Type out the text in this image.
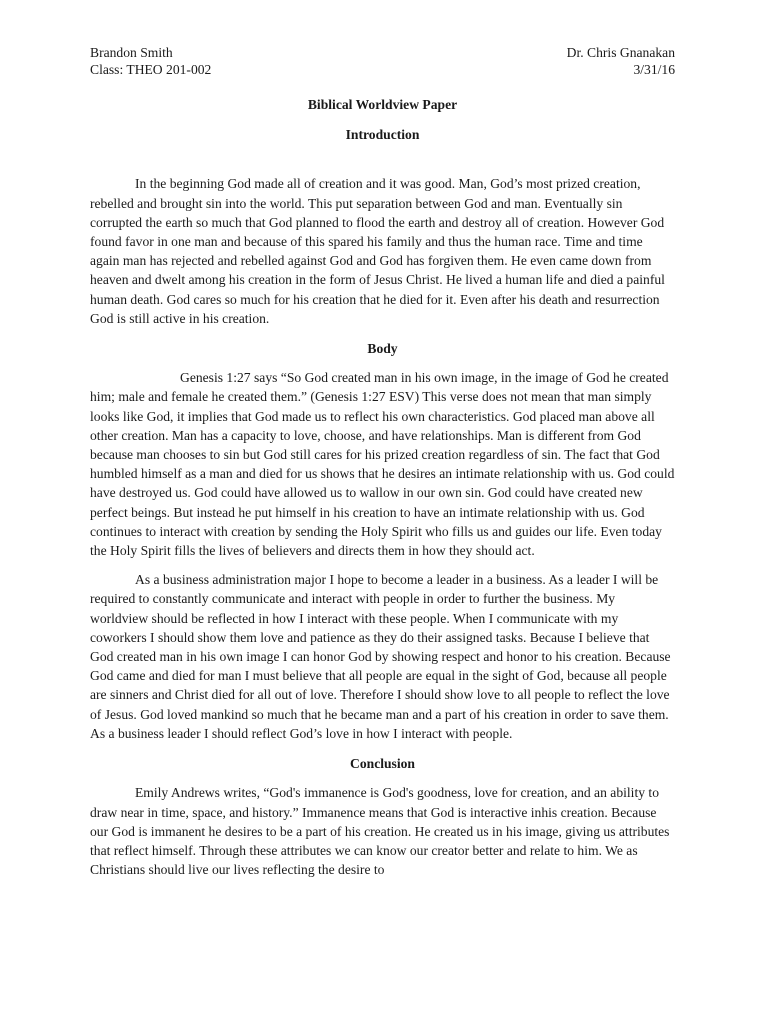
Brandon Smith	Dr. Chris Gnanakan
Class: THEO 201-002	3/31/16

Biblical Worldview Paper

Introduction

In the beginning God made all of creation and it was good. Man, God’s most prized creation, rebelled and brought sin into the world. This put separation between God and man. Eventually sin corrupted the earth so much that God planned to flood the earth and destroy all of creation. However God found favor in one man and because of this spared his family and thus the human race. Time and time again man has rejected and rebelled against God and God has forgiven them. He even came down from heaven and dwelt among his creation in the form of Jesus Christ. He lived a human life and died a painful human death. God cares so much for his creation that he died for it. Even after his death and resurrection God is still active in his creation.

Body

Genesis 1:27 says “So God created man in his own image, in the image of God he created him; male and female he created them.” (Genesis 1:27 ESV) This verse does not mean that man simply looks like God, it implies that God made us to reflect his own characteristics. God placed man above all other creation. Man has a capacity to love, choose, and have relationships. Man is different from God because man chooses to sin but God still cares for his prized creation regardless of sin. The fact that God humbled himself as a man and died for us shows that he desires an intimate relationship with us. God could have destroyed us. God could have allowed us to wallow in our own sin. God could have created new perfect beings. But instead he put himself in his creation to have an intimate relationship with us. God continues to interact with creation by sending the Holy Spirit who fills us and guides our life. Even today the Holy Spirit fills the lives of believers and directs them in how they should act.

As a business administration major I hope to become a leader in a business. As a leader I will be required to constantly communicate and interact with people in order to further the business. My worldview should be reflected in how I interact with these people. When I communicate with my coworkers I should show them love and patience as they do their assigned tasks. Because I believe that God created man in his own image I can honor God by showing respect and honor to his creation. Because God came and died for man I must believe that all people are equal in the sight of God, because all people are sinners and Christ died for all out of love. Therefore I should show love to all people to reflect the love of Jesus. God loved mankind so much that he became man and a part of his creation in order to save them. As a business leader I should reflect God’s love in how I interact with people.

Conclusion

Emily Andrews writes, “God's immanence is God's goodness, love for creation, and an ability to draw near in time, space, and history.” Immanence means that God is interactive inhis creation. Because our God is immanent he desires to be a part of his creation. He created us in his image, giving us attributes that reflect himself. Through these attributes we can know our creator better and relate to him. We as Christians should live our lives reflecting the desire to
